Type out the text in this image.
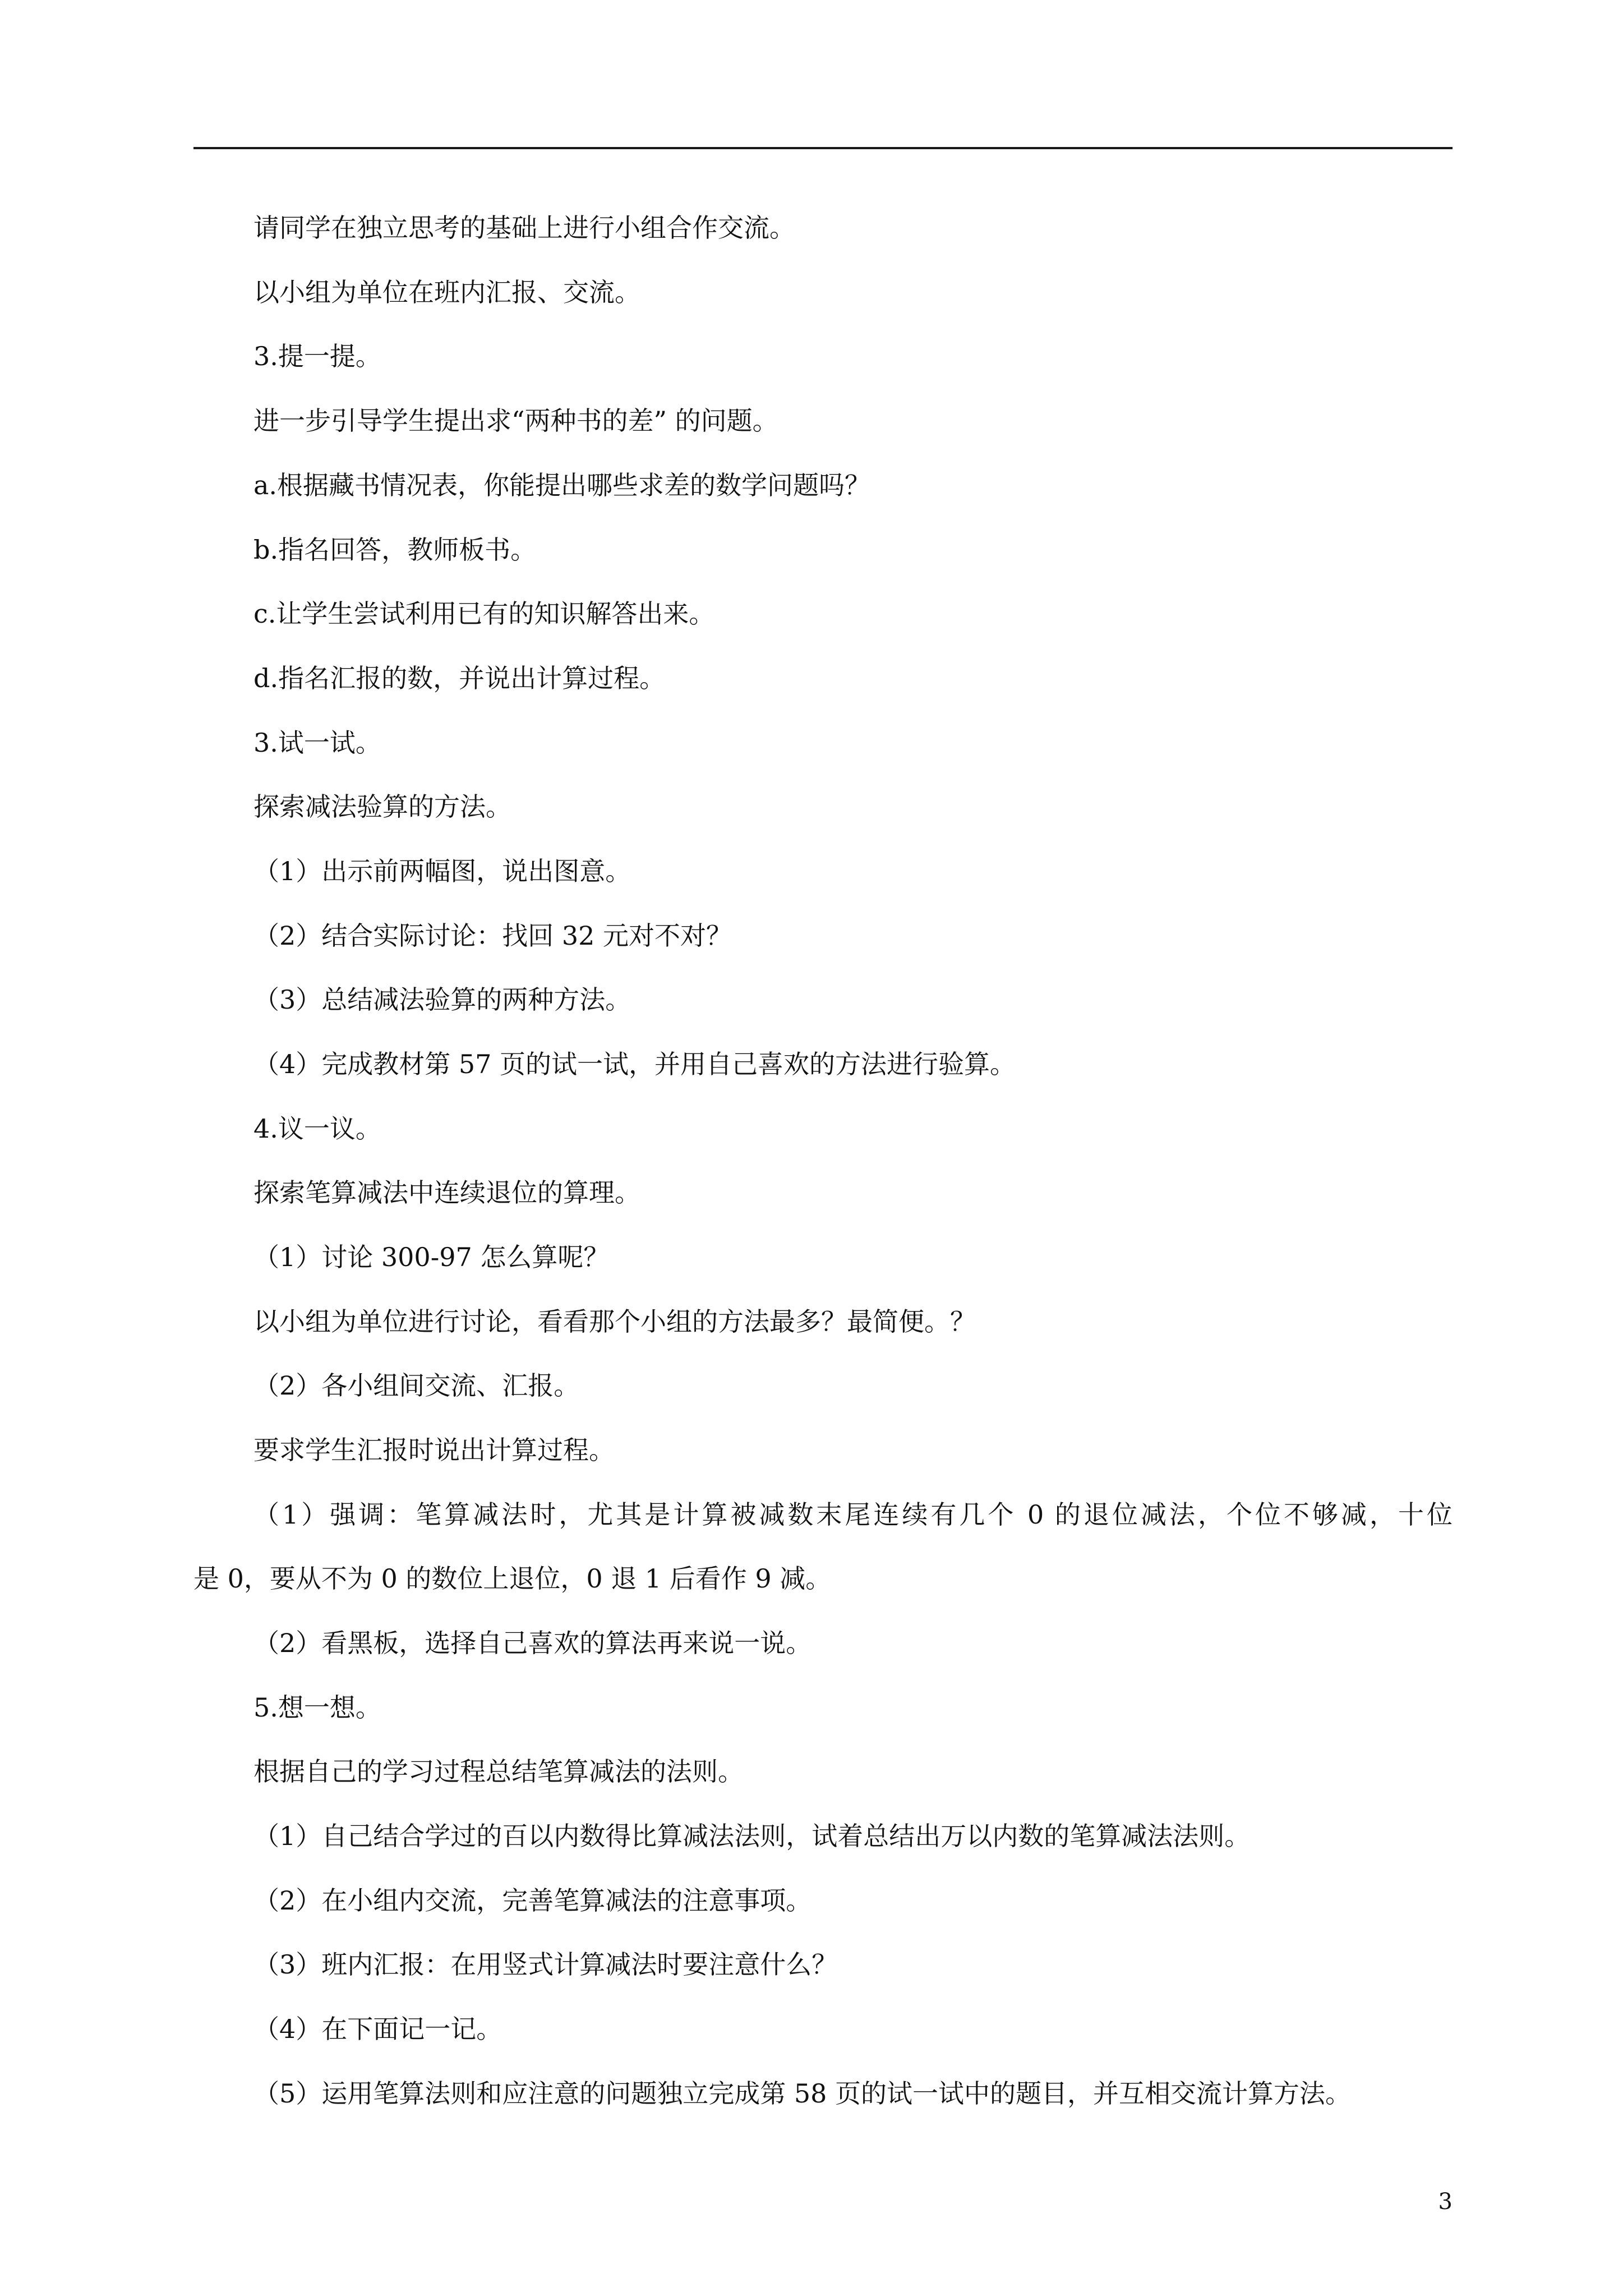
请同学在独立思考的基础上进行小组合作交流。
以小组为单位在班内汇报、交流。
3.提一提。
进一步引导学生提出求“两种书的差” 的问题。
a.根据藏书情况表，你能提出哪些求差的数学问题吗？
b.指名回答，教师板书。
c.让学生尝试利用已有的知识解答出来。
d.指名汇报的数，并说出计算过程。
3.试一试。
探索减法验算的方法。
（1）出示前两幅图，说出图意。
（2）结合实际讨论：找回 32 元对不对？
（3）总结减法验算的两种方法。
（4）完成教材第 57 页的试一试，并用自己喜欢的方法进行验算。
4.议一议。
探索笔算减法中连续退位的算理。
（1）讨论 300-97 怎么算呢？
以小组为单位进行讨论，看看那个小组的方法最多？最简便。？
（2）各小组间交流、汇报。
要求学生汇报时说出计算过程。
（1）强调：笔算减法时，尤其是计算被减数末尾连续有几个 0 的退位减法，个位不够减，十位
是 0，要从不为 0 的数位上退位，0 退 1 后看作 9 减。
（2）看黑板，选择自己喜欢的算法再来说一说。
5.想一想。
根据自己的学习过程总结笔算减法的法则。
（1）自己结合学过的百以内数得比算减法法则，试着总结出万以内数的笔算减法法则。
（2）在小组内交流，完善笔算减法的注意事项。
（3）班内汇报：在用竖式计算减法时要注意什么？
（4）在下面记一记。
（5）运用笔算法则和应注意的问题独立完成第 58 页的试一试中的题目，并互相交流计算方法。
3
